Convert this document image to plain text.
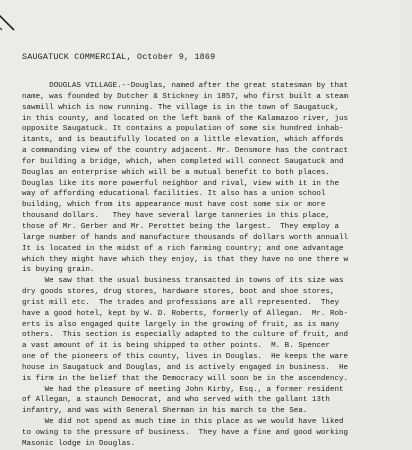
SAUGATUCK COMMERCIAL, October 9, 1869
DOUGLAS VILLAGE.--Douglas, named after the great statesman by that
name, was founded by Dutcher & Stickney in 1857, who first built a steam
sawmill which is now running. The village is in the town of Saugatuck,
in this county, and located on the left bank of the Kalamazoo river, jus
opposite Saugatuck. It contains a population of some six hundred inhab-
itants, and is beautifully located on a little elevation, which affords
a commanding view of the country adjacent. Mr. Densmore has the contract
for building a bridge, which, when completed will connect Saugatuck and
Douglas an enterprise which will be a mutual benefit to both places.
Douglas like its more powerful neighbor and rival, view with it in the
way of affording educational facilities. It also has a union school
building, which from its appearance must have cost some six or more
thousand dollars.   They have several large tanneries in this place,
those of Mr. Gerber and Mr. Perottet being the largest.  They employ a
large number of hands and manufacture thousands of dollars worth annuall
It is located in the midst of a rich farming country; and one advantage
which they might have which they enjoy, is that they have no one there w
is buying grain.
We saw that the usual business transacted in towns of its size was
dry goods stores, drug stores, hardware stores, boot and shoe stores,
grist mill etc.  The trades and professions are all represented.  They
have a good hotel, kept by W. D. Roberts, formerly of Allegan.  Mr. Rob-
erts is also engaged quite largely in the growing of fruit, as is many
others.  This section is especially adapted to the culture of fruit, and
a vast amount of it is being shipped to other points.  M. B. Spencer
one of the pioneers of this county, lives in Douglas.  He keeps the ware
house in Saugatuck and Douglas, and is actively engaged in business.  He
is firm in the belief that the Democracy will soon be in the ascendency.
We had the pleasure of meeting John Kirby, Esq., a former resident
of Allegan, a staunch Democrat, and who served with the gallant 13th
infantry, and was with General Sherman in his march to the Sea.
We did not spend as much time in this place as we would have liked
to owing to the pressure of business.  They have a fine and good working
Masonic lodge in Douglas.
